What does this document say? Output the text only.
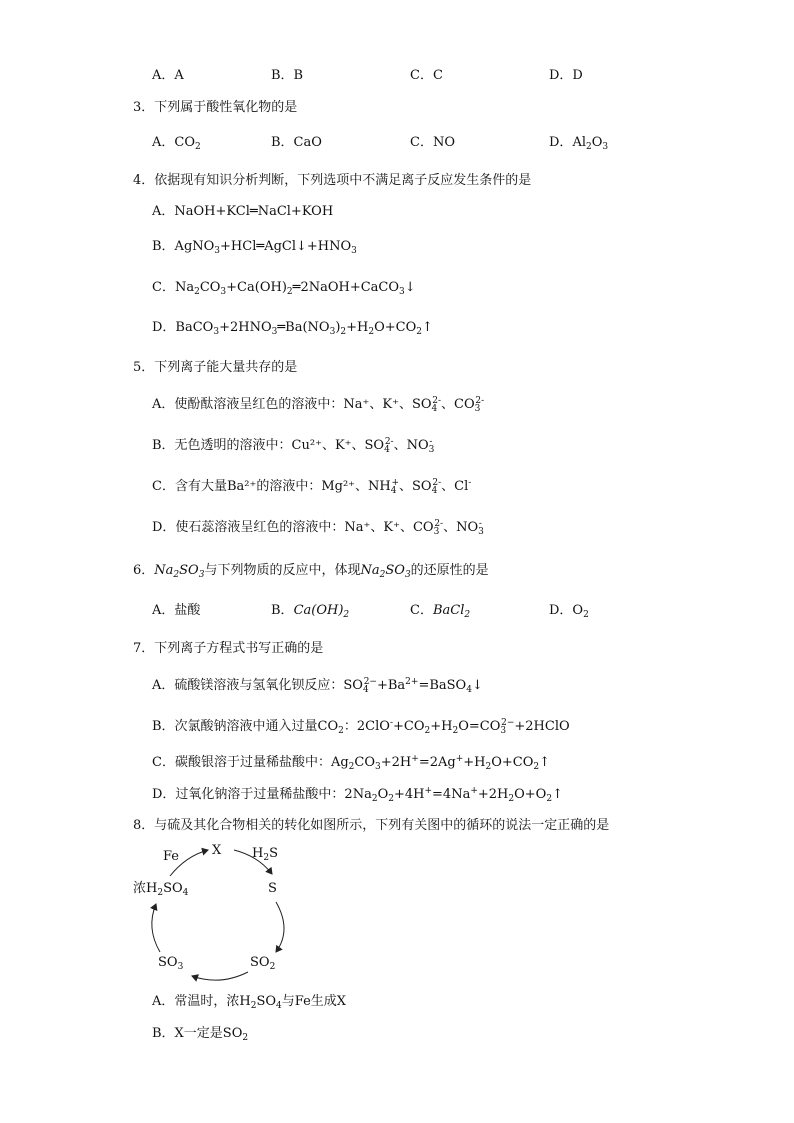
A．A	B．B	C．C	D．D
3．下列属于酸性氧化物的是
A．$CO_2$	B．CaO	C．NO	D．$Al_2O_3$
4．依据现有知识分析判断，下列选项中不满足离子反应发生条件的是
A．NaOH+KCl═NaCl+KOH
B．$AgNO_3+HCl═AgCl↓+HNO_3$
C．$Na_2CO_3+Ca(OH)_2═2NaOH+CaCO_3↓$
D．$BaCO_3+2HNO_3═Ba(NO_3)_2+H_2O+CO_2↑$
5．下列离子能大量共存的是
A．使酚酞溶液呈红色的溶液中：Na⁺、K⁺、$SO_4^{2-}$、$CO_3^{2-}$
B．无色透明的溶液中：Cu²⁺、K⁺、$SO_4^{2-}$、$NO_3^-$
C．含有大量Ba²⁺的溶液中：Mg²⁺、$NH_4^+$、$SO_4^{2-}$、Cl-
D．使石蕊溶液呈红色的溶液中：Na⁺、K⁺、$CO_3^{2-}$、$NO_3^-$
6．$Na_2SO_3$与下列物质的反应中，体现$Na_2SO_3$的还原性的是
A．盐酸	B．$Ca(OH)_2$	C．BaCl$_2$	D．$O_2$
7．下列离子方程式书写正确的是
A．硫酸镁溶液与氢氧化钡反应：$SO_4^{2-}+Ba^{2+}=BaSO_4↓$
B．次氯酸钠溶液中通入过量$CO_2$：$2ClO^-+CO_2+H_2O=CO_3^{2-}+2HClO$
C．碳酸银溶于过量稀盐酸中：$Ag_2CO_3+2H^+=2Ag^++H_2O+CO_2↑$
D．过氧化钠溶于过量稀盐酸中：$2Na_2O_2+4H^+=4Na^++2H_2O+O_2↑$
8．与硫及其化合物相关的转化如图所示，下列有关图中的循环的说法一定正确的是
Fe	X $H_2S$
S
浓$H_2SO_4$
$SO_3$	$SO_2$
A．常温时，浓$H_2SO_4$与Fe生成X
B．X一定是$SO_2$
